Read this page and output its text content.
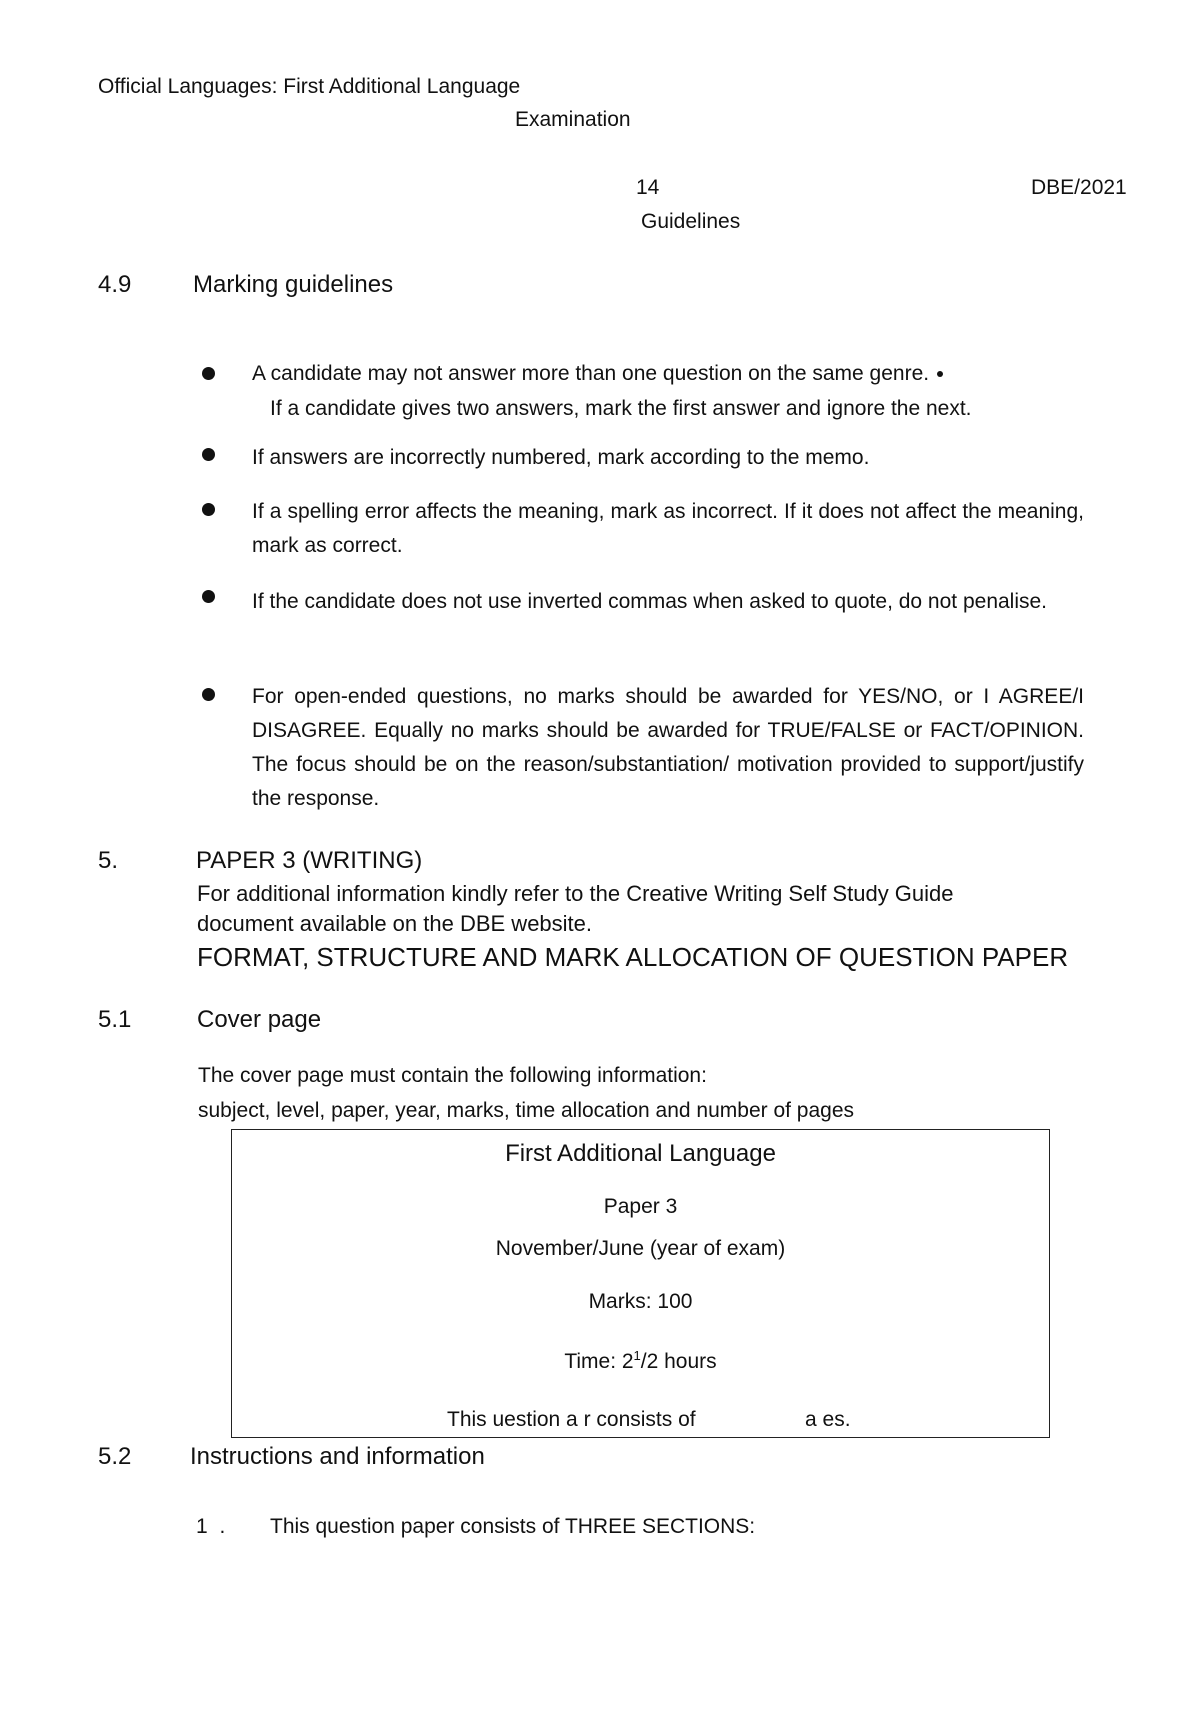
Official Languages: First Additional Language
Examination
14	DBE/2021
Guidelines
4.9	Marking guidelines
A candidate may not answer more than one question on the same genre.
If a candidate gives two answers, mark the first answer and ignore the next.
If answers are incorrectly numbered, mark according to the memo.
If a spelling error affects the meaning, mark as incorrect. If it does not affect the meaning, mark as correct.
If the candidate does not use inverted commas when asked to quote, do not penalise.
For open-ended questions, no marks should be awarded for YES/NO, or I AGREE/I DISAGREE. Equally no marks should be awarded for TRUE/FALSE or FACT/OPINION. The focus should be on the reason/substantiation/ motivation provided to support/justify the response.
5.	PAPER 3 (WRITING)
For additional information kindly refer to the Creative Writing Self Study Guide
document available on the DBE website.
FORMAT, STRUCTURE AND MARK ALLOCATION OF QUESTION PAPER
5.1	Cover page
The cover page must contain the following information:
subject, level, paper, year, marks, time allocation and number of pages
First Additional Language
Paper 3
November/June (year of exam)
Marks: 100
Time: $2^1/2$ hours
This uestion a r consists of	a es.
5.2 Instructions and information
1 . This question paper consists of THREE SECTIONS:
